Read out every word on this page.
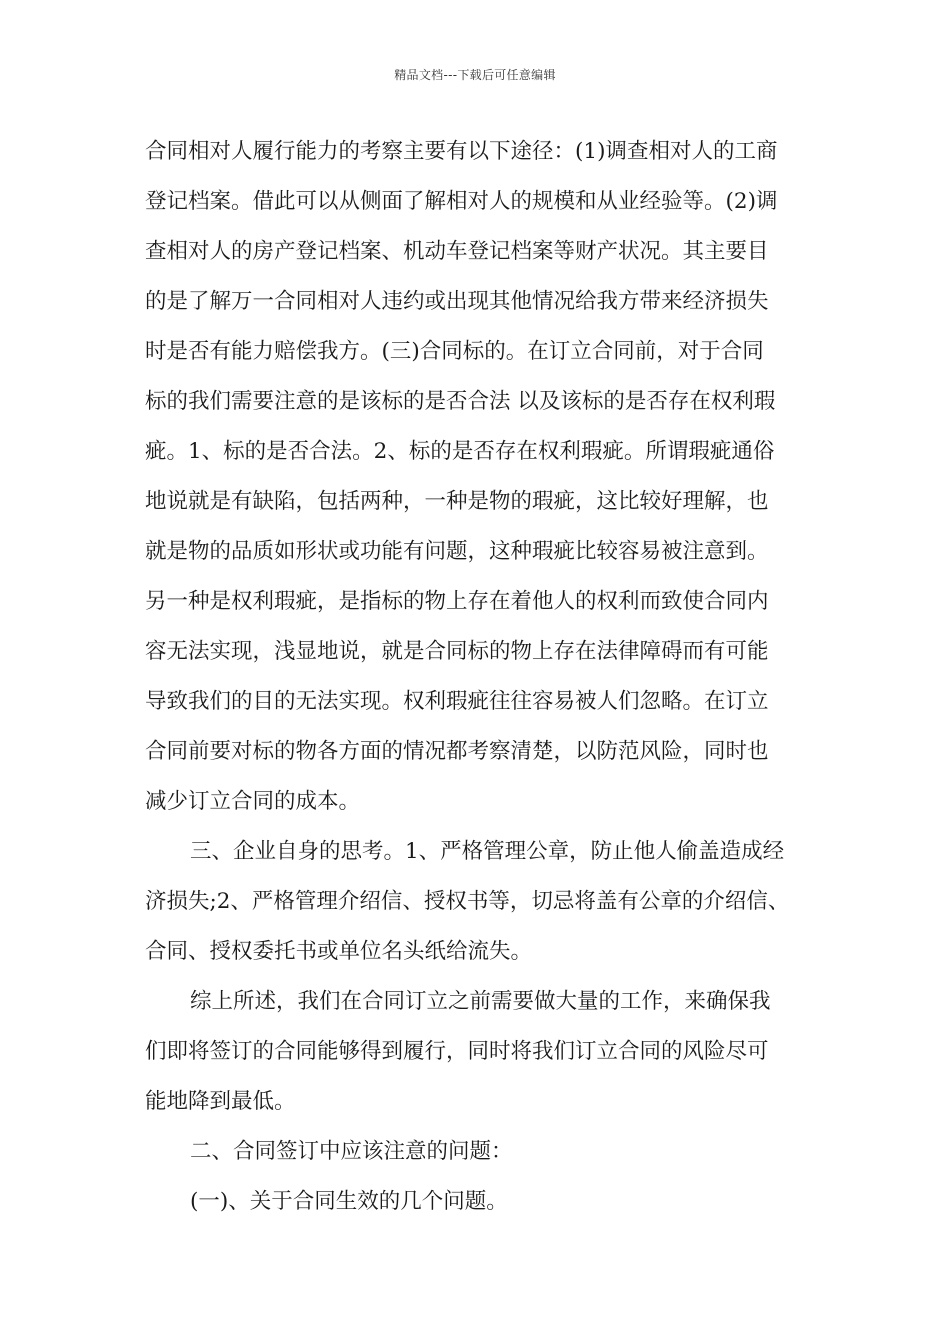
精品文档---下载后可任意编辑
合同相对人履行能力的考察主要有以下途径：(1)调查相对人的工商
登记档案。借此可以从侧面了解相对人的规模和从业经验等。(2)调
查相对人的房产登记档案、机动车登记档案等财产状况。其主要目
的是了解万一合同相对人违约或出现其他情况给我方带来经济损失
时是否有能力赔偿我方。(三)合同标的。在订立合同前，对于合同
标的我们需要注意的是该标的是否合法 以及该标的是否存在权利瑕
疵。1、标的是否合法。2、标的是否存在权利瑕疵。所谓瑕疵通俗
地说就是有缺陷，包括两种，一种是物的瑕疵，这比较好理解，也
就是物的品质如形状或功能有问题，这种瑕疵比较容易被注意到。
另一种是权利瑕疵，是指标的物上存在着他人的权利而致使合同内
容无法实现，浅显地说，就是合同标的物上存在法律障碍而有可能
导致我们的目的无法实现。权利瑕疵往往容易被人们忽略。在订立
合同前要对标的物各方面的情况都考察清楚，以防范风险，同时也
减少订立合同的成本。
三、企业自身的思考。1、严格管理公章，防止他人偷盖造成经
济损失;2、严格管理介绍信、授权书等，切忌将盖有公章的介绍信、
合同、授权委托书或单位名头纸给流失。
综上所述，我们在合同订立之前需要做大量的工作，来确保我
们即将签订的合同能够得到履行，同时将我们订立合同的风险尽可
能地降到最低。
二、合同签订中应该注意的问题：
(一)、关于合同生效的几个问题。
